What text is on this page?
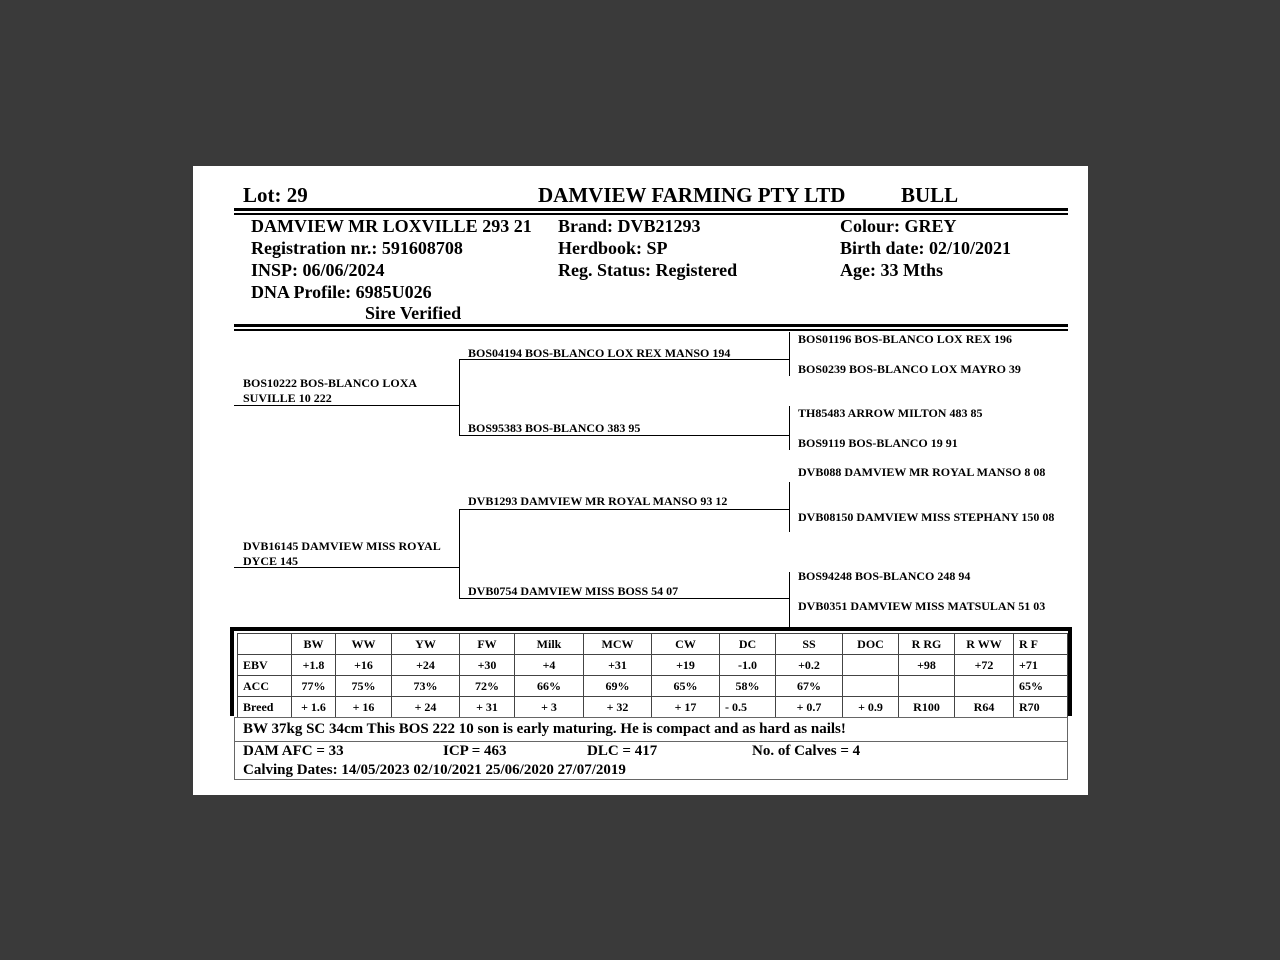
Lot: 29	DAMVIEW FARMING PTY LTD	BULL
DAMVIEW MR LOXVILLE 293 21
Registration nr.: 591608708
INSP: 06/06/2024
DNA Profile: 6985U026
Sire Verified
Brand: DVB21293
Herdbook: SP
Reg. Status: Registered
Colour: GREY
Birth date: 02/10/2021
Age: 33 Mths
BOS10222 BOS-BLANCO LOXA SUVILLE 10 222
DVB16145 DAMVIEW MISS ROYAL DYCE 145
BOS04194 BOS-BLANCO LOX REX MANSO 194
BOS95383 BOS-BLANCO 383 95
DVB1293 DAMVIEW MR ROYAL MANSO 93 12
DVB0754 DAMVIEW MISS BOSS 54 07
BOS01196 BOS-BLANCO LOX REX 196
BOS0239 BOS-BLANCO LOX MAYRO 39
TH85483 ARROW MILTON 483 85
BOS9119 BOS-BLANCO 19 91
DVB088 DAMVIEW MR ROYAL MANSO 8 08
DVB08150 DAMVIEW MISS STEPHANY 150 08
BOS94248 BOS-BLANCO 248 94
DVB0351 DAMVIEW MISS MATSULAN 51 03
	BW	WW	YW	FW	Milk	MCW	CW	DC	SS	DOC	R RG	R WW	R F
EBV	+1.8	+16	+24	+30	+4	+31	+19	-1.0	+0.2		+98	+72	+71
ACC	77%	75%	73%	72%	66%	69%	65%	58%	67%				65%
Breed	+ 1.6	+ 16	+ 24	+ 31	+ 3	+ 32	+ 17	- 0.5	+ 0.7	+ 0.9	R100	R64	R70
BW 37kg SC 34cm This BOS 222 10 son is early maturing. He is compact and as hard as nails!
DAM AFC = 33	ICP = 463	DLC = 417	No. of Calves = 4
Calving Dates: 14/05/2023 02/10/2021 25/06/2020 27/07/2019
